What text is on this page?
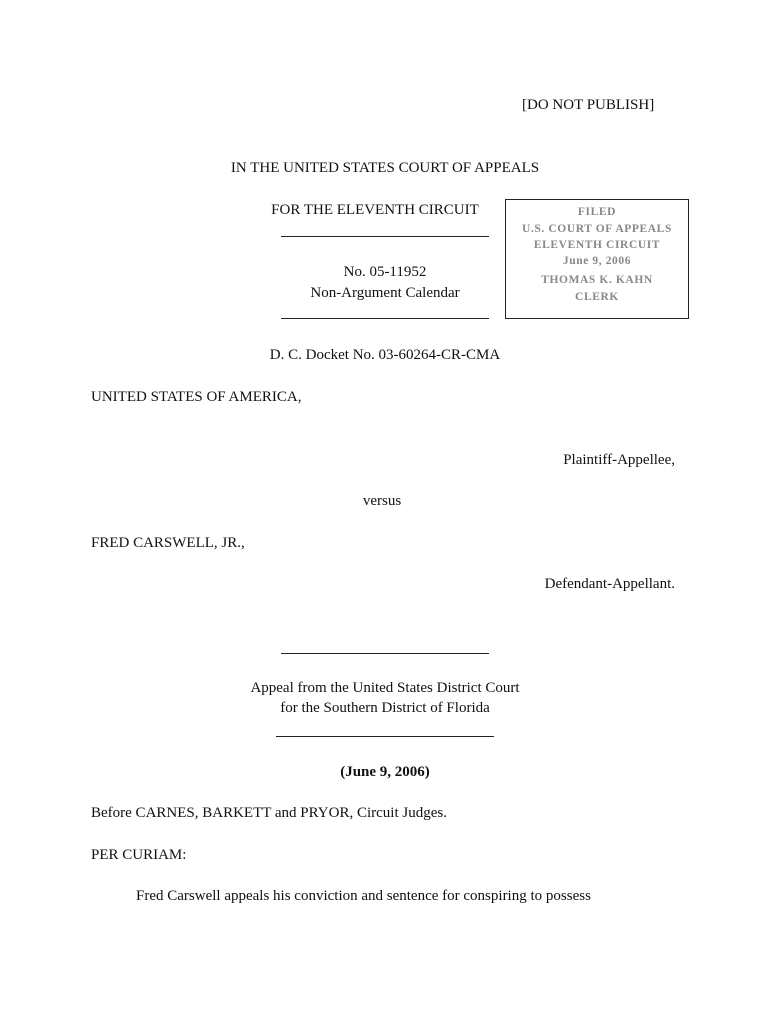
[DO NOT PUBLISH]
IN THE UNITED STATES COURT OF APPEALS
FOR THE ELEVENTH CIRCUIT
No. 05-11952
Non-Argument Calendar
FILED
U.S. COURT OF APPEALS
ELEVENTH CIRCUIT
June 9, 2006
THOMAS K. KAHN
CLERK
D. C. Docket No. 03-60264-CR-CMA
UNITED STATES OF AMERICA,
Plaintiff-Appellee,
versus
FRED CARSWELL, JR.,
Defendant-Appellant.
Appeal from the United States District Court
for the Southern District of Florida
(June 9, 2006)
Before CARNES, BARKETT and PRYOR, Circuit Judges.
PER CURIAM:
Fred Carswell appeals his conviction and sentence for conspiring to possess
